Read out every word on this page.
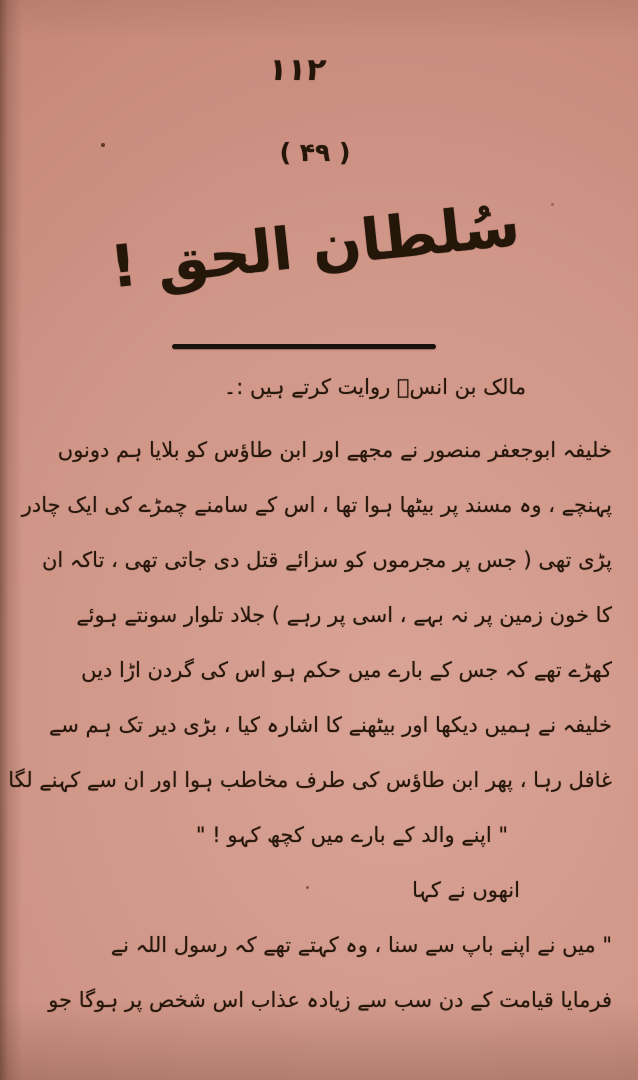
۱۱۲
( ۴۹ )
سُلطان الحق !
مالک بن انسؓ روایت کرتے ہیں :۔
خلیفہ ابوجعفر منصور نے مجھے اور ابن طاؤس کو بلایا ہم دونوں
پہنچے ، وہ مسند پر بیٹھا ہوا تھا ، اس کے سامنے چمڑے کی ایک چادر
پڑی تھی ( جس پر مجرموں کو سزائے قتل دی جاتی تھی ، تاکہ ان
کا خون زمین پر نہ بہے ، اسی پر رہے ) جلاد تلوار سونتے ہوئے
کھڑے تھے کہ جس کے بارے میں حکم ہو اس کی گردن اڑا دیں
خلیفہ نے ہمیں دیکھا اور بیٹھنے کا اشارہ کیا ، بڑی دیر تک ہم سے
غافل رہا ، پھر ابن طاؤس کی طرف مخاطب ہوا اور ان سے کہنے لگا
" اپنے والد کے بارے میں کچھ کہو ! "
انھوں نے کہا
" میں نے اپنے باپ سے سنا ، وہ کہتے تھے کہ رسول اللہ نے
فرمایا قیامت کے دن سب سے زیادہ عذاب اس شخص پر ہوگا جو
